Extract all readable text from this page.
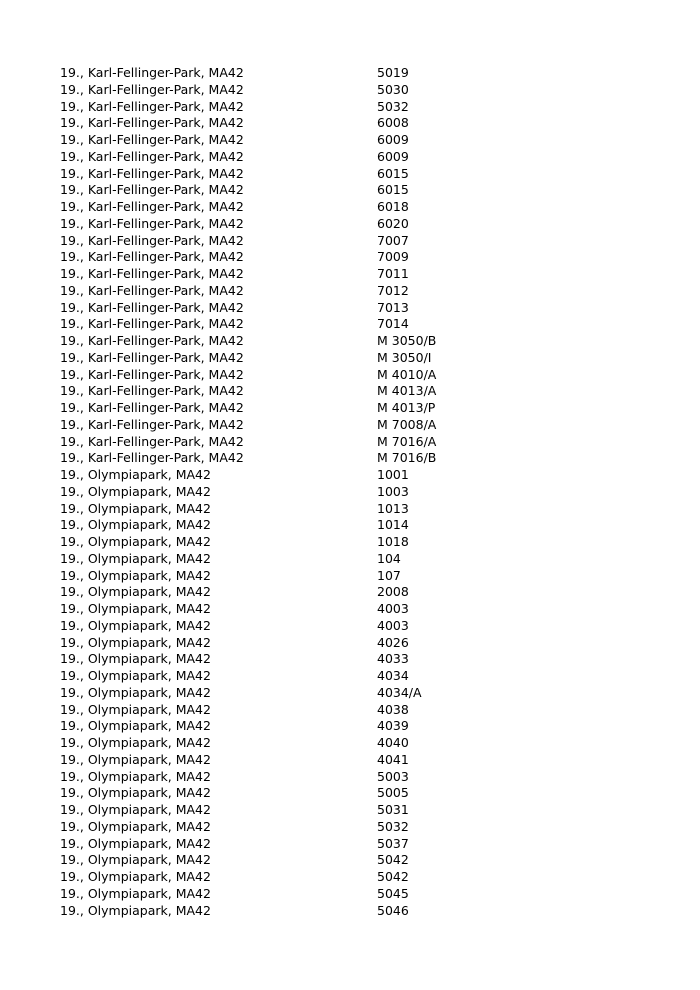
19., Karl-Fellinger-Park, MA42	5019
19., Karl-Fellinger-Park, MA42	5030
19., Karl-Fellinger-Park, MA42	5032
19., Karl-Fellinger-Park, MA42	6008
19., Karl-Fellinger-Park, MA42	6009
19., Karl-Fellinger-Park, MA42	6009
19., Karl-Fellinger-Park, MA42	6015
19., Karl-Fellinger-Park, MA42	6015
19., Karl-Fellinger-Park, MA42	6018
19., Karl-Fellinger-Park, MA42	6020
19., Karl-Fellinger-Park, MA42	7007
19., Karl-Fellinger-Park, MA42	7009
19., Karl-Fellinger-Park, MA42	7011
19., Karl-Fellinger-Park, MA42	7012
19., Karl-Fellinger-Park, MA42	7013
19., Karl-Fellinger-Park, MA42	7014
19., Karl-Fellinger-Park, MA42	M 3050/B
19., Karl-Fellinger-Park, MA42	M 3050/I
19., Karl-Fellinger-Park, MA42	M 4010/A
19., Karl-Fellinger-Park, MA42	M 4013/A
19., Karl-Fellinger-Park, MA42	M 4013/P
19., Karl-Fellinger-Park, MA42	M 7008/A
19., Karl-Fellinger-Park, MA42	M 7016/A
19., Karl-Fellinger-Park, MA42	M 7016/B
19., Olympiapark, MA42	1001
19., Olympiapark, MA42	1003
19., Olympiapark, MA42	1013
19., Olympiapark, MA42	1014
19., Olympiapark, MA42	1018
19., Olympiapark, MA42	104
19., Olympiapark, MA42	107
19., Olympiapark, MA42	2008
19., Olympiapark, MA42	4003
19., Olympiapark, MA42	4003
19., Olympiapark, MA42	4026
19., Olympiapark, MA42	4033
19., Olympiapark, MA42	4034
19., Olympiapark, MA42	4034/A
19., Olympiapark, MA42	4038
19., Olympiapark, MA42	4039
19., Olympiapark, MA42	4040
19., Olympiapark, MA42	4041
19., Olympiapark, MA42	5003
19., Olympiapark, MA42	5005
19., Olympiapark, MA42	5031
19., Olympiapark, MA42	5032
19., Olympiapark, MA42	5037
19., Olympiapark, MA42	5042
19., Olympiapark, MA42	5042
19., Olympiapark, MA42	5045
19., Olympiapark, MA42	5046
